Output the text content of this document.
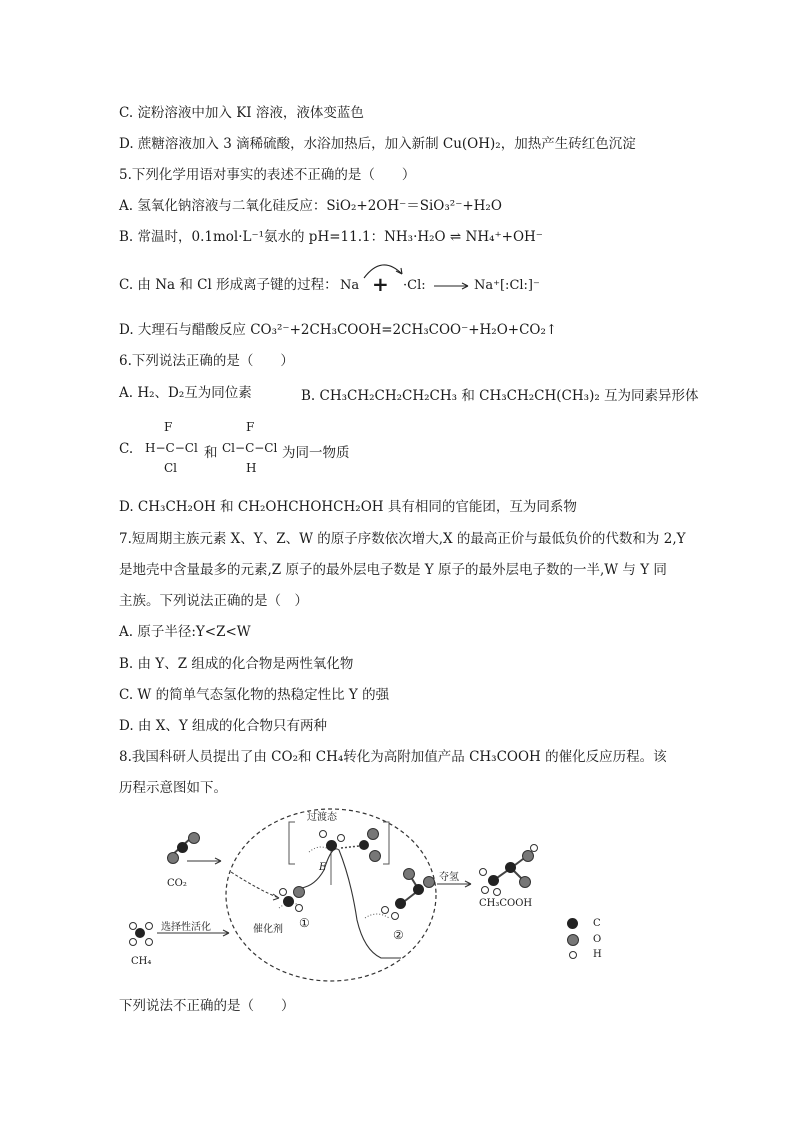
C. 淀粉溶液中加入 KI 溶液，液体变蓝色
D. 蔗糖溶液加入 3 滴稀硫酸，水浴加热后，加入新制 Cu(OH)₂，加热产生砖红色沉淀
5.下列化学用语对事实的表述不正确的是（　　）
A. 氢氧化钠溶液与二氧化硅反应：SiO₂+2OH⁻＝SiO₃²⁻+H₂O
B. 常温时，0.1mol·L⁻¹氨水的 pH=11.1：NH₃·H₂O ⇌ NH₄⁺+OH⁻
C. 由 Na 和 Cl 形成离子键的过程： Na + ·Cl: → Na⁺[:Cl:]⁻
D. 大理石与醋酸反应 CO₃²⁻+2CH₃COOH=2CH₃COO⁻+H₂O+CO₂↑
6.下列说法正确的是（　　）
A. H₂、D₂互为同位素	B. CH₃CH₂CH₂CH₂CH₃ 和 CH₃CH₂CH(CH₃)₂ 互为同素异形体
C.
F
H−C−Cl
Cl
和
F
Cl−C−Cl
H
为同一物质
D. CH₃CH₂OH 和 CH₂OHCHOHCH₂OH 具有相同的官能团，互为同系物
7.短周期主族元素 X、Y、Z、W 的原子序数依次增大,X 的最高正价与最低负价的代数和为 2,Y
是地壳中含量最多的元素,Z 原子的最外层电子数是 Y 原子的最外层电子数的一半,W 与 Y 同
主族。下列说法正确的是（　）
A. 原子半径:Y<Z<W
B. 由 Y、Z 组成的化合物是两性氧化物
C. W 的简单气态氢化物的热稳定性比 Y 的强
D. 由 X、Y 组成的化合物只有两种
8.我国科研人员提出了由 CO₂和 CH₄转化为高附加值产品 CH₃COOH 的催化反应历程。该
历程示意图如下。
CO₂
CH₄
选择性活化	催化剂 ①
过渡态
E
②
夺氢
CH₃COOH
C
O
H
下列说法不正确的是（　　）
